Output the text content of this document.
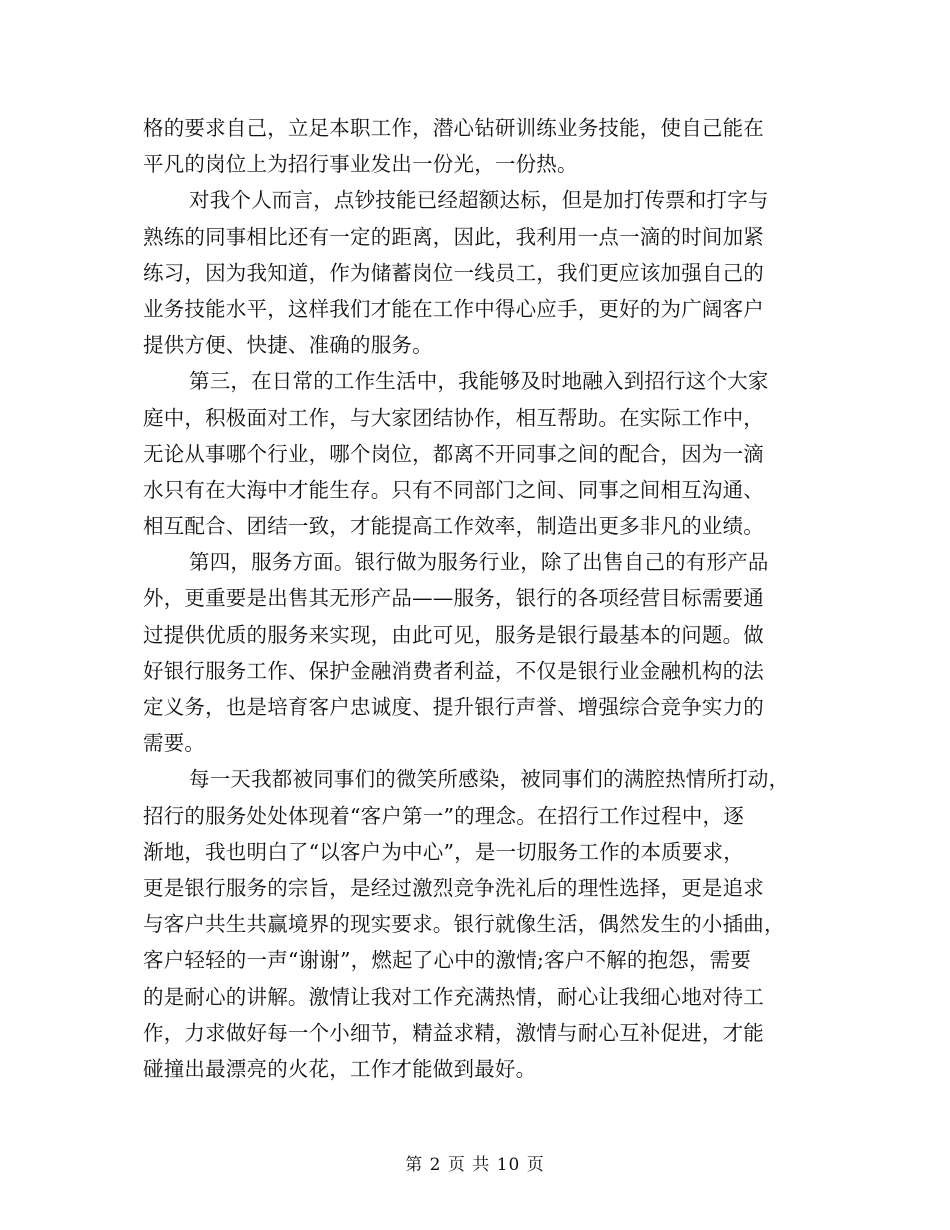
格的要求自己，立足本职工作，潜心钻研训练业务技能，使自己能在
平凡的岗位上为招行事业发出一份光，一份热。
对我个人而言，点钞技能已经超额达标，但是加打传票和打字与
熟练的同事相比还有一定的距离，因此，我利用一点一滴的时间加紧
练习，因为我知道，作为储蓄岗位一线员工，我们更应该加强自己的
业务技能水平，这样我们才能在工作中得心应手，更好的为广阔客户
提供方便、快捷、准确的服务。
第三，在日常的工作生活中，我能够及时地融入到招行这个大家
庭中，积极面对工作，与大家团结协作，相互帮助。在实际工作中，
无论从事哪个行业，哪个岗位，都离不开同事之间的配合，因为一滴
水只有在大海中才能生存。只有不同部门之间、同事之间相互沟通、
相互配合、团结一致，才能提高工作效率，制造出更多非凡的业绩。
第四，服务方面。银行做为服务行业，除了出售自己的有形产品
外，更重要是出售其无形产品——服务，银行的各项经营目标需要通
过提供优质的服务来实现，由此可见，服务是银行最基本的问题。做
好银行服务工作、保护金融消费者利益，不仅是银行业金融机构的法
定义务，也是培育客户忠诚度、提升银行声誉、增强综合竞争实力的
需要。
每一天我都被同事们的微笑所感染，被同事们的满腔热情所打动，
招行的服务处处体现着“客户第一”的理念。在招行工作过程中，逐
渐地，我也明白了“以客户为中心”，是一切服务工作的本质要求，
更是银行服务的宗旨，是经过激烈竞争洗礼后的理性选择，更是追求
与客户共生共赢境界的现实要求。银行就像生活，偶然发生的小插曲，
客户轻轻的一声“谢谢”，燃起了心中的激情;客户不解的抱怨，需要
的是耐心的讲解。激情让我对工作充满热情，耐心让我细心地对待工
作，力求做好每一个小细节，精益求精，激情与耐心互补促进，才能
碰撞出最漂亮的火花，工作才能做到最好。
第 2 页 共 10 页
